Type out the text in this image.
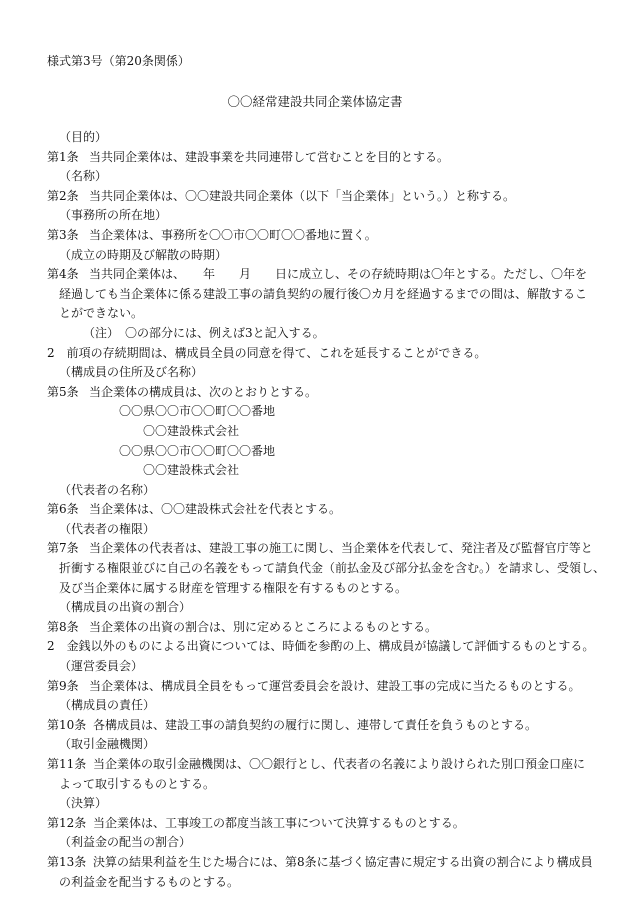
様式第3号（第20条関係）
〇〇経常建設共同企業体協定書
（目的）
第1条 当共同企業体は、建設事業を共同連帯して営むことを目的とする。
（名称）
第2条 当共同企業体は、〇〇建設共同企業体（以下「当企業体」という。）と称する。
（事務所の所在地）
第3条 当企業体は、事務所を〇〇市〇〇町〇〇番地に置く。
（成立の時期及び解散の時期）
第4条 当共同企業体は、　　年　　月　　日に成立し、その存続時期は〇年とする。ただし、〇年を
経過しても当企業体に係る建設工事の請負契約の履行後〇カ月を経過するまでの間は、解散するこ
とができない。
（注）　〇の部分には、例えば3と記入する。
2　前項の存続期間は、構成員全員の同意を得て、これを延長することができる。
（構成員の住所及び名称）
第5条 当企業体の構成員は、次のとおりとする。
〇〇県〇〇市〇〇町〇〇番地
〇〇建設株式会社
〇〇県〇〇市〇〇町〇〇番地
〇〇建設株式会社
（代表者の名称）
第6条 当企業体は、〇〇建設株式会社を代表とする。
（代表者の権限）
第7条 当企業体の代表者は、建設工事の施工に関し、当企業体を代表して、発注者及び監督官庁等と
折衝する権限並びに自己の名義をもって請負代金（前払金及び部分払金を含む。）を請求し、受領し、
及び当企業体に属する財産を管理する権限を有するものとする。
（構成員の出資の割合）
第8条 当企業体の出資の割合は、別に定めるところによるものとする。
2　金銭以外のものによる出資については、時価を参酌の上、構成員が協議して評価するものとする。
（運営委員会）
第9条 当企業体は、構成員全員をもって運営委員会を設け、建設工事の完成に当たるものとする。
（構成員の責任）
第10条 各構成員は、建設工事の請負契約の履行に関し、連帯して責任を負うものとする。
（取引金融機関）
第11条 当企業体の取引金融機関は、〇〇銀行とし、代表者の名義により設けられた別口預金口座に
よって取引するものとする。
（決算）
第12条 当企業体は、工事竣工の都度当該工事について決算するものとする。
（利益金の配当の割合）
第13条 決算の結果利益を生じた場合には、第8条に基づく協定書に規定する出資の割合により構成員
の利益金を配当するものとする。
